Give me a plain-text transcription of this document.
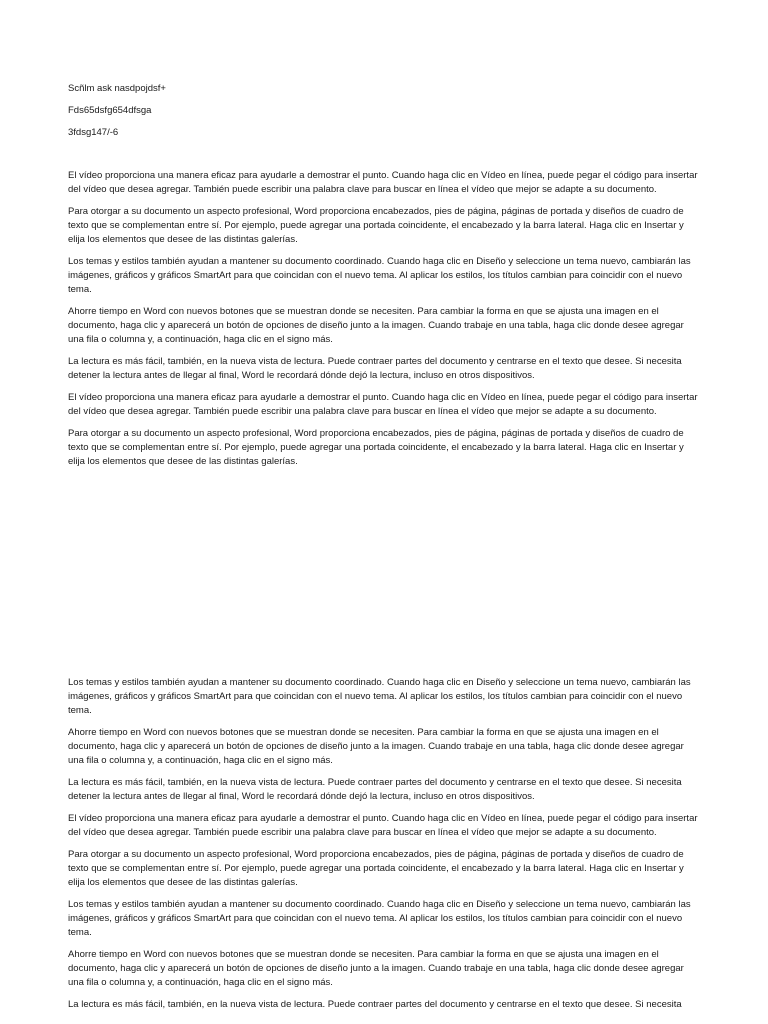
Scñlm ask nasdpojdsf+

Fds65dsfg654dfsga

3fdsg147/-6

El vídeo proporciona una manera eficaz para ayudarle a demostrar el punto. Cuando haga clic en Vídeo en línea, puede pegar el código para insertar del vídeo que desea agregar. También puede escribir una palabra clave para buscar en línea el vídeo que mejor se adapte a su documento.

Para otorgar a su documento un aspecto profesional, Word proporciona encabezados, pies de página, páginas de portada y diseños de cuadro de texto que se complementan entre sí. Por ejemplo, puede agregar una portada coincidente, el encabezado y la barra lateral. Haga clic en Insertar y elija los elementos que desee de las distintas galerías.

Los temas y estilos también ayudan a mantener su documento coordinado. Cuando haga clic en Diseño y seleccione un tema nuevo, cambiarán las imágenes, gráficos y gráficos SmartArt para que coincidan con el nuevo tema. Al aplicar los estilos, los títulos cambian para coincidir con el nuevo tema.

Ahorre tiempo en Word con nuevos botones que se muestran donde se necesiten. Para cambiar la forma en que se ajusta una imagen en el documento, haga clic y aparecerá un botón de opciones de diseño junto a la imagen. Cuando trabaje en una tabla, haga clic donde desee agregar una fila o columna y, a continuación, haga clic en el signo más.

La lectura es más fácil, también, en la nueva vista de lectura. Puede contraer partes del documento y centrarse en el texto que desee. Si necesita detener la lectura antes de llegar al final, Word le recordará dónde dejó la lectura, incluso en otros dispositivos.

El vídeo proporciona una manera eficaz para ayudarle a demostrar el punto. Cuando haga clic en Vídeo en línea, puede pegar el código para insertar del vídeo que desea agregar. También puede escribir una palabra clave para buscar en línea el vídeo que mejor se adapte a su documento.

Para otorgar a su documento un aspecto profesional, Word proporciona encabezados, pies de página, páginas de portada y diseños de cuadro de texto que se complementan entre sí. Por ejemplo, puede agregar una portada coincidente, el encabezado y la barra lateral. Haga clic en Insertar y elija los elementos que desee de las distintas galerías.

Los temas y estilos también ayudan a mantener su documento coordinado. Cuando haga clic en Diseño y seleccione un tema nuevo, cambiarán las imágenes, gráficos y gráficos SmartArt para que coincidan con el nuevo tema. Al aplicar los estilos, los títulos cambian para coincidir con el nuevo tema.

Ahorre tiempo en Word con nuevos botones que se muestran donde se necesiten. Para cambiar la forma en que se ajusta una imagen en el documento, haga clic y aparecerá un botón de opciones de diseño junto a la imagen. Cuando trabaje en una tabla, haga clic donde desee agregar una fila o columna y, a continuación, haga clic en el signo más.

La lectura es más fácil, también, en la nueva vista de lectura. Puede contraer partes del documento y centrarse en el texto que desee. Si necesita detener la lectura antes de llegar al final, Word le recordará dónde dejó la lectura, incluso en otros dispositivos.

El vídeo proporciona una manera eficaz para ayudarle a demostrar el punto. Cuando haga clic en Vídeo en línea, puede pegar el código para insertar del vídeo que desea agregar. También puede escribir una palabra clave para buscar en línea el vídeo que mejor se adapte a su documento.

Para otorgar a su documento un aspecto profesional, Word proporciona encabezados, pies de página, páginas de portada y diseños de cuadro de texto que se complementan entre sí. Por ejemplo, puede agregar una portada coincidente, el encabezado y la barra lateral. Haga clic en Insertar y elija los elementos que desee de las distintas galerías.

Los temas y estilos también ayudan a mantener su documento coordinado. Cuando haga clic en Diseño y seleccione un tema nuevo, cambiarán las imágenes, gráficos y gráficos SmartArt para que coincidan con el nuevo tema. Al aplicar los estilos, los títulos cambian para coincidir con el nuevo tema.

Ahorre tiempo en Word con nuevos botones que se muestran donde se necesiten. Para cambiar la forma en que se ajusta una imagen en el documento, haga clic y aparecerá un botón de opciones de diseño junto a la imagen. Cuando trabaje en una tabla, haga clic donde desee agregar una fila o columna y, a continuación, haga clic en el signo más.

La lectura es más fácil, también, en la nueva vista de lectura. Puede contraer partes del documento y centrarse en el texto que desee. Si necesita
